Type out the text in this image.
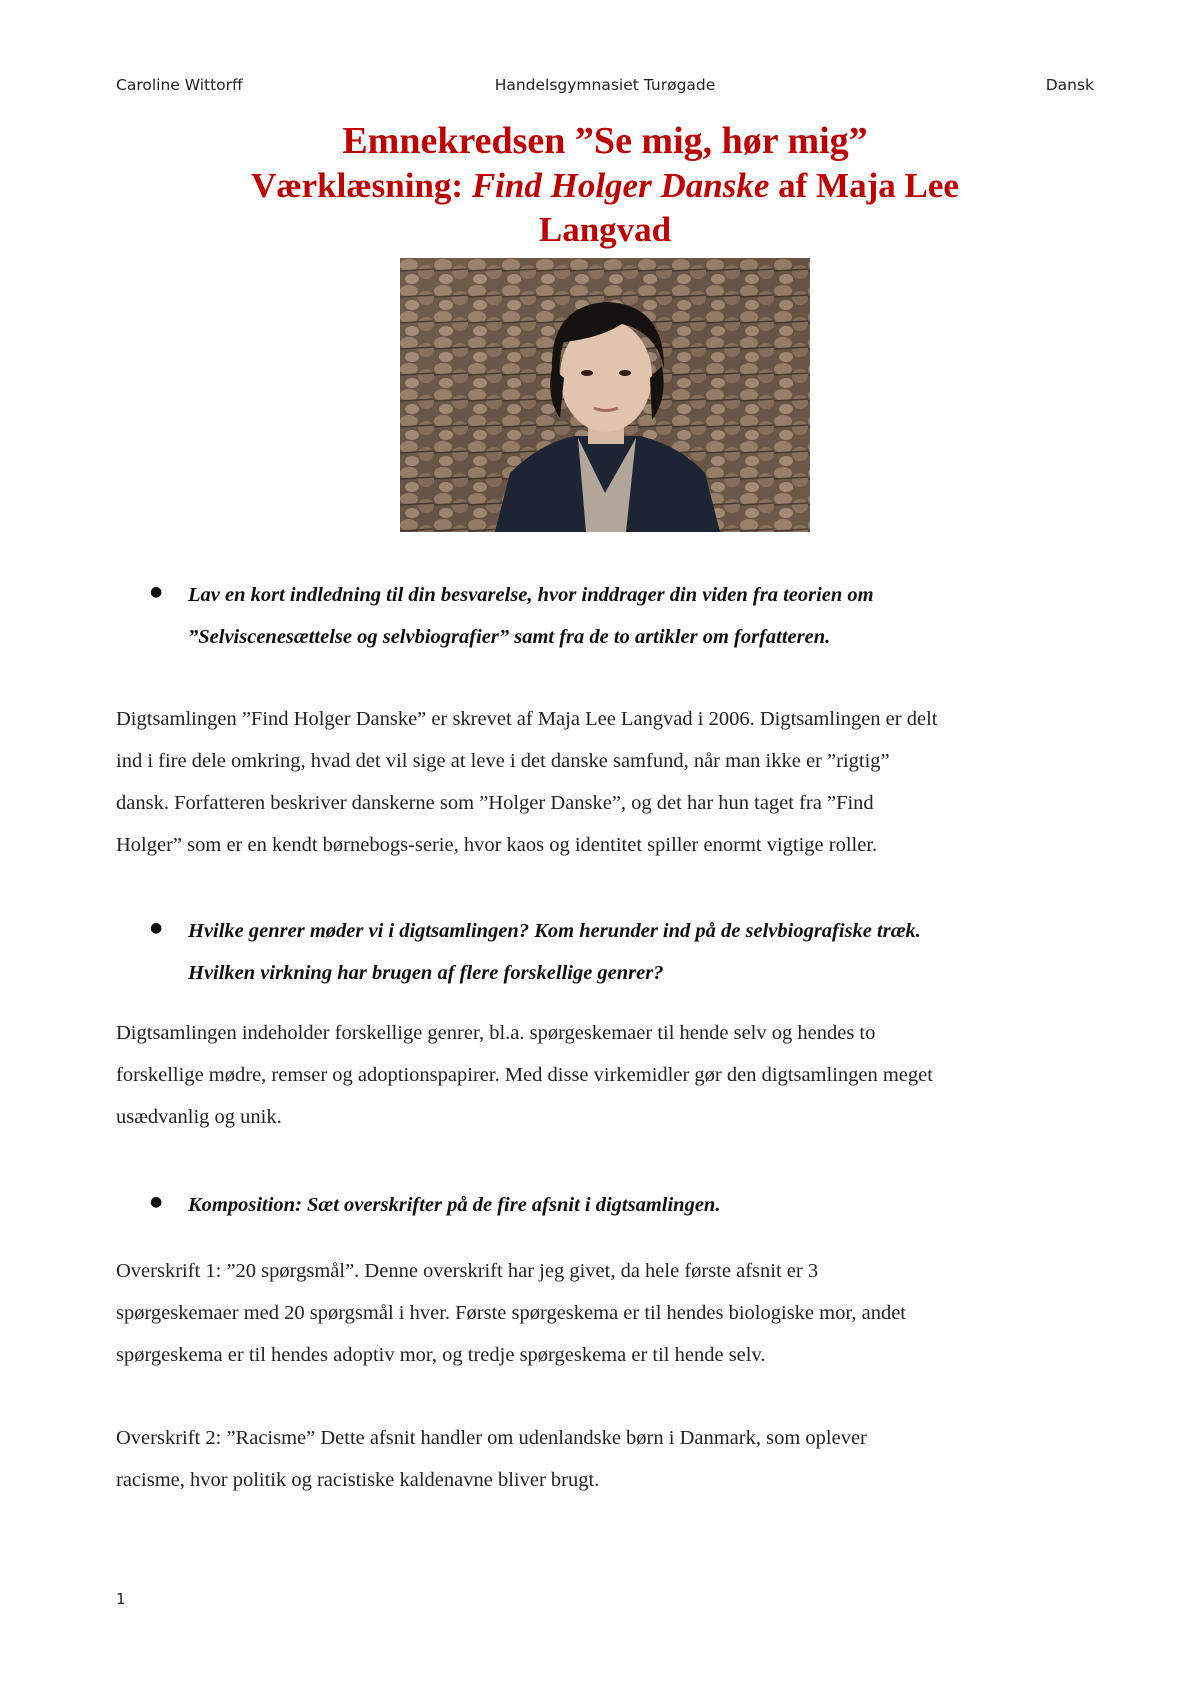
Caroline Wittorff	Handelsgymnasiet Turøgade	Dansk
Emnekredsen ”Se mig, hør mig”
Værklæsning: Find Holger Danske af Maja Lee
Langvad
● Lav en kort indledning til din besvarelse, hvor inddrager din viden fra teorien om
”Selviscenesættelse og selvbiografier” samt fra de to artikler om forfatteren.
Digtsamlingen ”Find Holger Danske” er skrevet af Maja Lee Langvad i 2006. Digtsamlingen er delt
ind i fire dele omkring, hvad det vil sige at leve i det danske samfund, når man ikke er ”rigtig”
dansk. Forfatteren beskriver danskerne som ”Holger Danske”, og det har hun taget fra ”Find
Holger” som er en kendt børnebogs-serie, hvor kaos og identitet spiller enormt vigtige roller.
● Hvilke genrer møder vi i digtsamlingen? Kom herunder ind på de selvbiografiske træk.
Hvilken virkning har brugen af flere forskellige genrer?
Digtsamlingen indeholder forskellige genrer, bl.a. spørgeskemaer til hende selv og hendes to
forskellige mødre, remser og adoptionspapirer. Med disse virkemidler gør den digtsamlingen meget
usædvanlig og unik.
● Komposition: Sæt overskrifter på de fire afsnit i digtsamlingen.
Overskrift 1: ”20 spørgsmål”. Denne overskrift har jeg givet, da hele første afsnit er 3
spørgeskemaer med 20 spørgsmål i hver. Første spørgeskema er til hendes biologiske mor, andet
spørgeskema er til hendes adoptiv mor, og tredje spørgeskema er til hende selv.
Overskrift 2: ”Racisme” Dette afsnit handler om udenlandske børn i Danmark, som oplever
racisme, hvor politik og racistiske kaldenavne bliver brugt.
1
